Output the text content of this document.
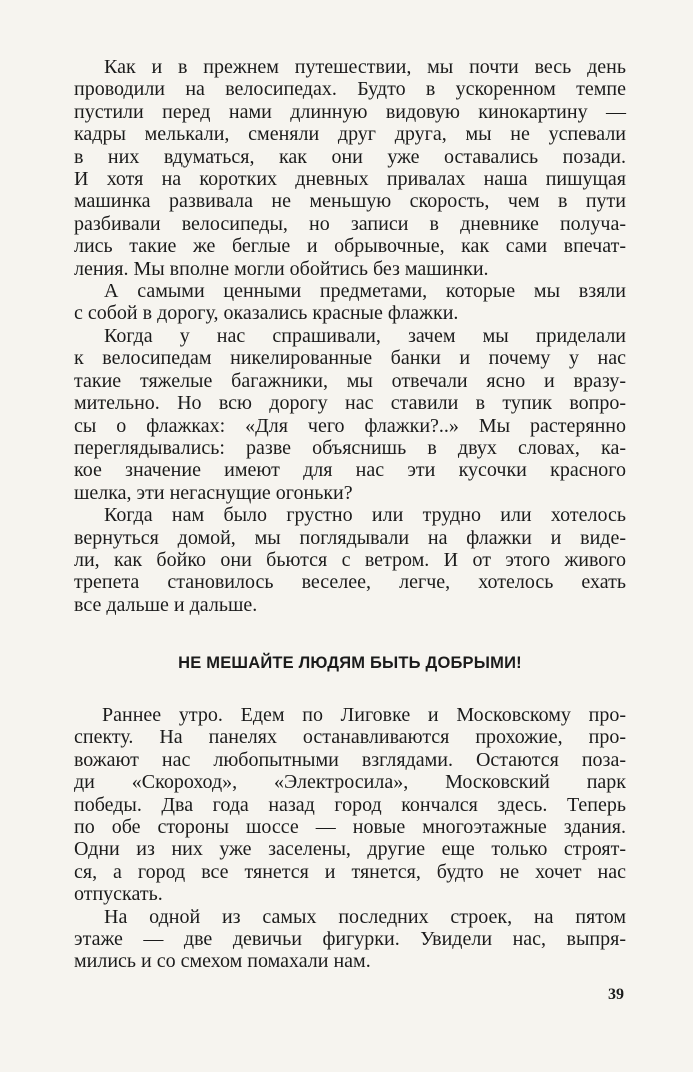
Как и в прежнем путешествии, мы почти весь день
проводили на велосипедах. Будто в ускоренном темпе
пустили перед нами длинную видовую кинокартину —
кадры мелькали, сменяли друг друга, мы не успевали
в них вдуматься, как они уже оставались позади.
И хотя на коротких дневных привалах наша пишущая
машинка развивала не меньшую скорость, чем в пути
разбивали велосипеды, но записи в дневнике получа-
лись такие же беглые и обрывочные, как сами впечат-
ления. Мы вполне могли обойтись без машинки.
А самыми ценными предметами, которые мы взяли
с собой в дорогу, оказались красные флажки.
Когда у нас спрашивали, зачем мы приделали
к велосипедам никелированные банки и почему у нас
такие тяжелые багажники, мы отвечали ясно и вразу-
мительно. Но всю дорогу нас ставили в тупик вопро-
сы о флажках: «Для чего флажки?..» Мы растерянно
переглядывались: разве объяснишь в двух словах, ка-
кое значение имеют для нас эти кусочки красного
шелка, эти негаснущие огоньки?
Когда нам было грустно или трудно или хотелось
вернуться домой, мы поглядывали на флажки и виде-
ли, как бойко они бьются с ветром. И от этого живого
трепета становилось веселее, легче, хотелось ехать
все дальше и дальше.
НЕ МЕШАЙТЕ ЛЮДЯМ БЫТЬ ДОБРЫМИ!
Раннее утро. Едем по Лиговке и Московскому про-
спекту. На панелях останавливаются прохожие, про-
вожают нас любопытными взглядами. Остаются поза-
ди «Скороход», «Электросила», Московский парк
победы. Два года назад город кончался здесь. Теперь
по обе стороны шоссе — новые многоэтажные здания.
Одни из них уже заселены, другие еще только строят-
ся, а город все тянется и тянется, будто не хочет нас
отпускать.
На одной из самых последних строек, на пятом
этаже — две девичьи фигурки. Увидели нас, выпря-
мились и со смехом помахали нам.
39
